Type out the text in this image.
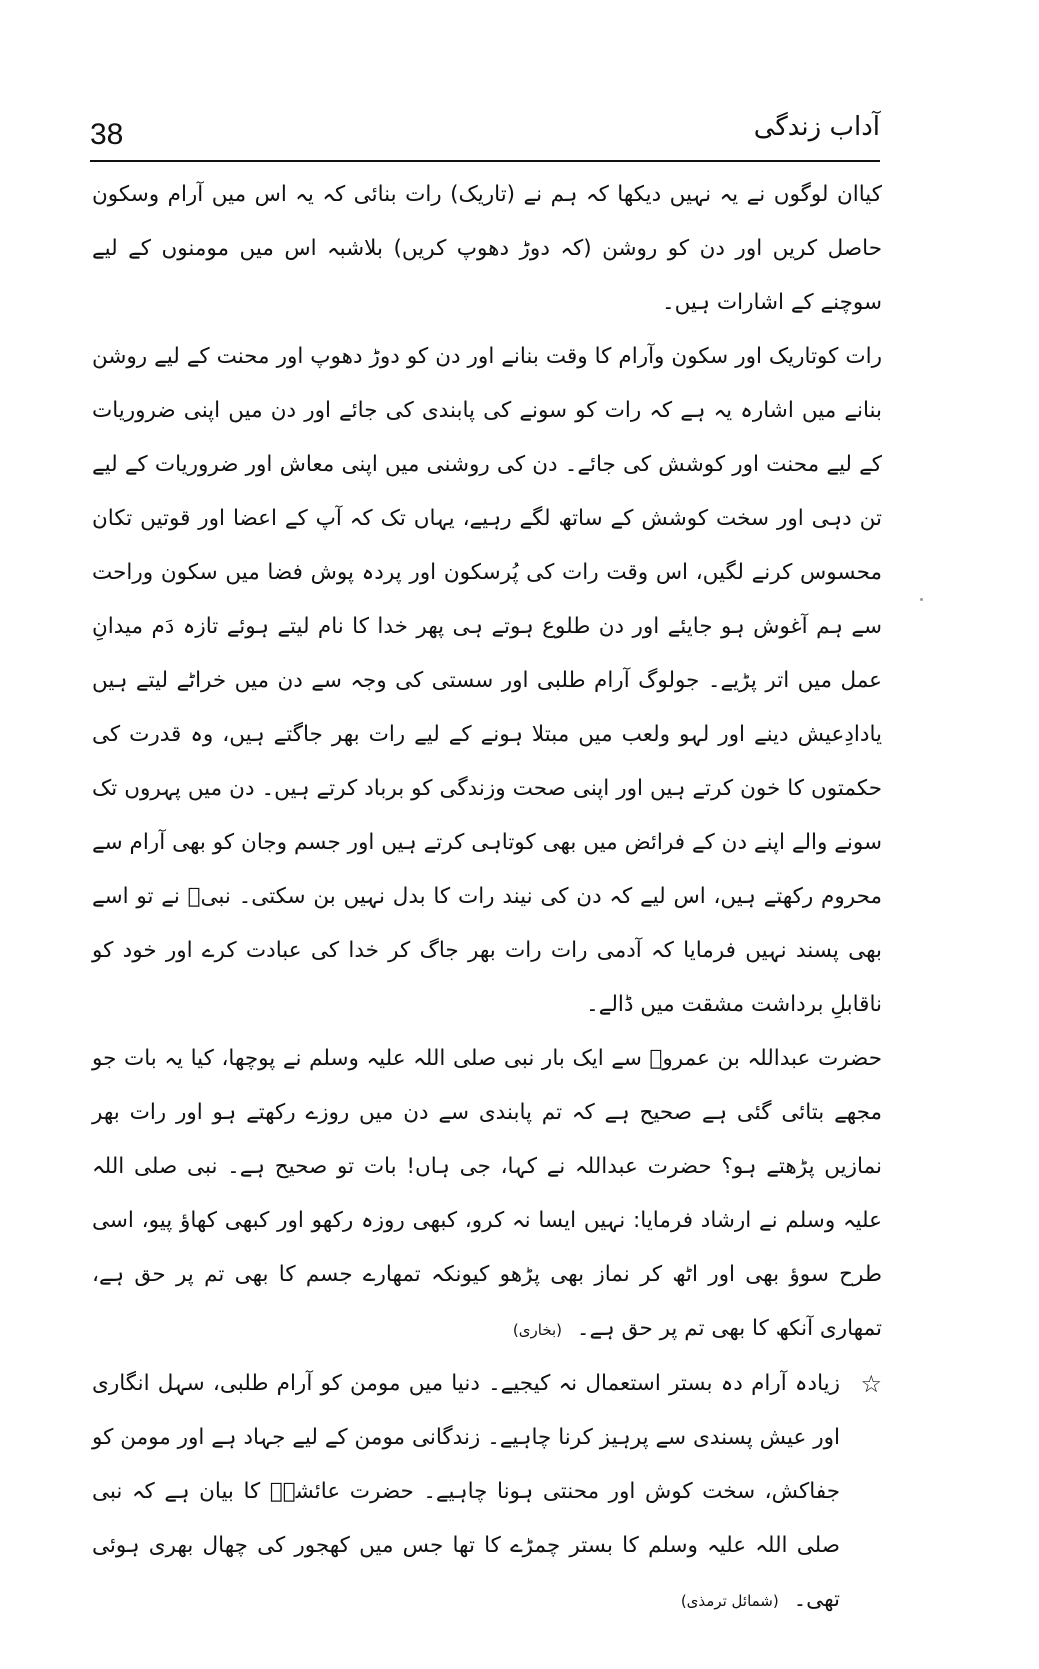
38	آداب زندگی

کیاان لوگوں نے یہ نہیں دیکھا کہ ہم نے (تاریک) رات بنائی کہ یہ اس میں آرام وسکون حاصل کریں اور دن کو روشن (کہ دوڑ دھوپ کریں) بلاشبہ اس میں مومنوں کے لیے سوچنے کے اشارات ہیں۔

رات کوتاریک اور سکون وآرام کا وقت بنانے اور دن کو دوڑ دھوپ اور محنت کے لیے روشن بنانے میں اشارہ یہ ہے کہ رات کو سونے کی پابندی کی جائے اور دن میں اپنی ضروریات کے لیے محنت اور کوشش کی جائے۔ دن کی روشنی میں اپنی معاش اور ضروریات کے لیے تن دہی اور سخت کوشش کے ساتھ لگے رہیے، یہاں تک کہ آپ کے اعضا اور قوتیں تکان محسوس کرنے لگیں، اس وقت رات کی پُرسکون اور پردہ پوش فضا میں سکون وراحت سے ہم آغوش ہو جایئے اور دن طلوع ہوتے ہی پھر خدا کا نام لیتے ہوئے تازہ دَم میدانِ عمل میں اتر پڑیے۔ جولوگ آرام طلبی اور سستی کی وجہ سے دن میں خراٹے لیتے ہیں یادادِعیش دینے اور لہو ولعب میں مبتلا ہونے کے لیے رات بھر جاگتے ہیں، وہ قدرت کی حکمتوں کا خون کرتے ہیں اور اپنی صحت وزندگی کو برباد کرتے ہیں۔ دن میں پہروں تک سونے والے اپنے دن کے فرائض میں بھی کوتاہی کرتے ہیں اور جسم وجان کو بھی آرام سے محروم رکھتے ہیں، اس لیے کہ دن کی نیند رات کا بدل نہیں بن سکتی۔ نبیؐ نے تو اسے بھی پسند نہیں فرمایا کہ آدمی رات رات بھر جاگ کر خدا کی عبادت کرے اور خود کو ناقابلِ برداشت مشقت میں ڈالے۔

حضرت عبداللہ بن عمروؓ سے ایک بار نبی صلی اللہ علیہ وسلم نے پوچھا، کیا یہ بات جو مجھے بتائی گئی ہے صحیح ہے کہ تم پابندی سے دن میں روزے رکھتے ہو اور رات بھر نمازیں پڑھتے ہو؟ حضرت عبداللہ نے کہا، جی ہاں! بات تو صحیح ہے۔ نبی صلی اللہ علیہ وسلم نے ارشاد فرمایا: نہیں ایسا نہ کرو، کبھی روزہ رکھو اور کبھی کھاؤ پیو، اسی طرح سوؤ بھی اور اٹھ کر نماز بھی پڑھو کیونکہ تمھارے جسم کا بھی تم پر حق ہے، تمھاری آنکھ کا بھی تم پر حق ہے۔ (بخاری)

☆
زیادہ آرام دہ بستر استعمال نہ کیجیے۔ دنیا میں مومن کو آرام طلبی، سہل انگاری اور عیش پسندی سے پرہیز کرنا چاہیے۔ زندگانی مومن کے لیے جہاد ہے اور مومن کو جفاکش، سخت کوش اور محنتی ہونا چاہیے۔ حضرت عائشہؓ کا بیان ہے کہ نبی صلی اللہ علیہ وسلم کا بستر چمڑے کا تھا جس میں کھجور کی چھال بھری ہوئی تھی۔ (شمائل ترمذی)
